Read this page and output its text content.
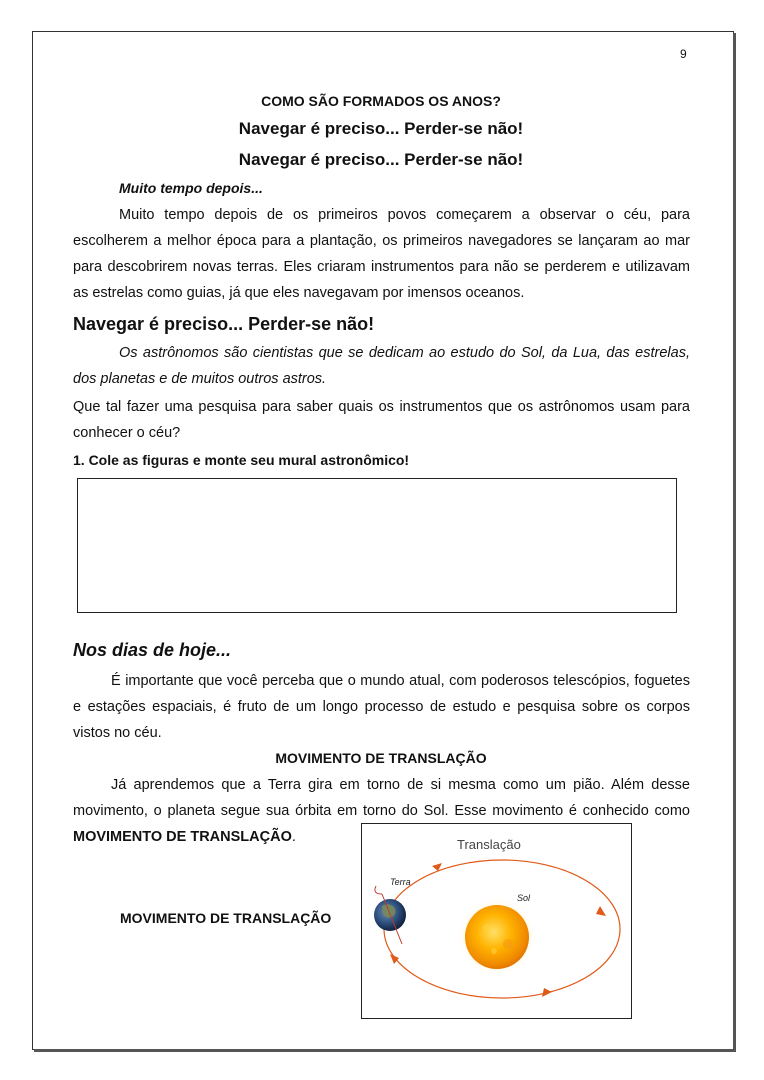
9
COMO SÃO FORMADOS OS ANOS?
Navegar é preciso... Perder-se não!
Navegar é preciso... Perder-se não!
Muito tempo depois...

Muito tempo depois de os primeiros povos começarem a observar o céu, para escolherem a melhor época para a plantação, os primeiros navegadores se lançaram ao mar para descobrirem novas terras. Eles criaram instrumentos para não se perderem e utilizavam as estrelas como guias, já que eles navegavam por imensos oceanos.

Navegar é preciso... Perder-se não!

Os astrônomos são cientistas que se dedicam ao estudo do Sol, da Lua, das estrelas, dos planetas e de muitos outros astros.

Que tal fazer uma pesquisa para saber quais os instrumentos que os astrônomos usam para conhecer o céu?

1. Cole as figuras e monte seu mural astronômico!
Nos dias de hoje...

É importante que você perceba que o mundo atual, com poderosos telescópios, foguetes e estações espaciais, é fruto de um longo processo de estudo e pesquisa sobre os corpos vistos no céu.

MOVIMENTO DE TRANSLAÇÃO

Já aprendemos que a Terra gira em torno de si mesma como um pião. Além desse movimento, o planeta segue sua órbita em torno do Sol. Esse movimento é conhecido como MOVIMENTO DE TRANSLAÇÃO.

MOVIMENTO DE TRANSLAÇÃO
Translação
Terra
Sol
